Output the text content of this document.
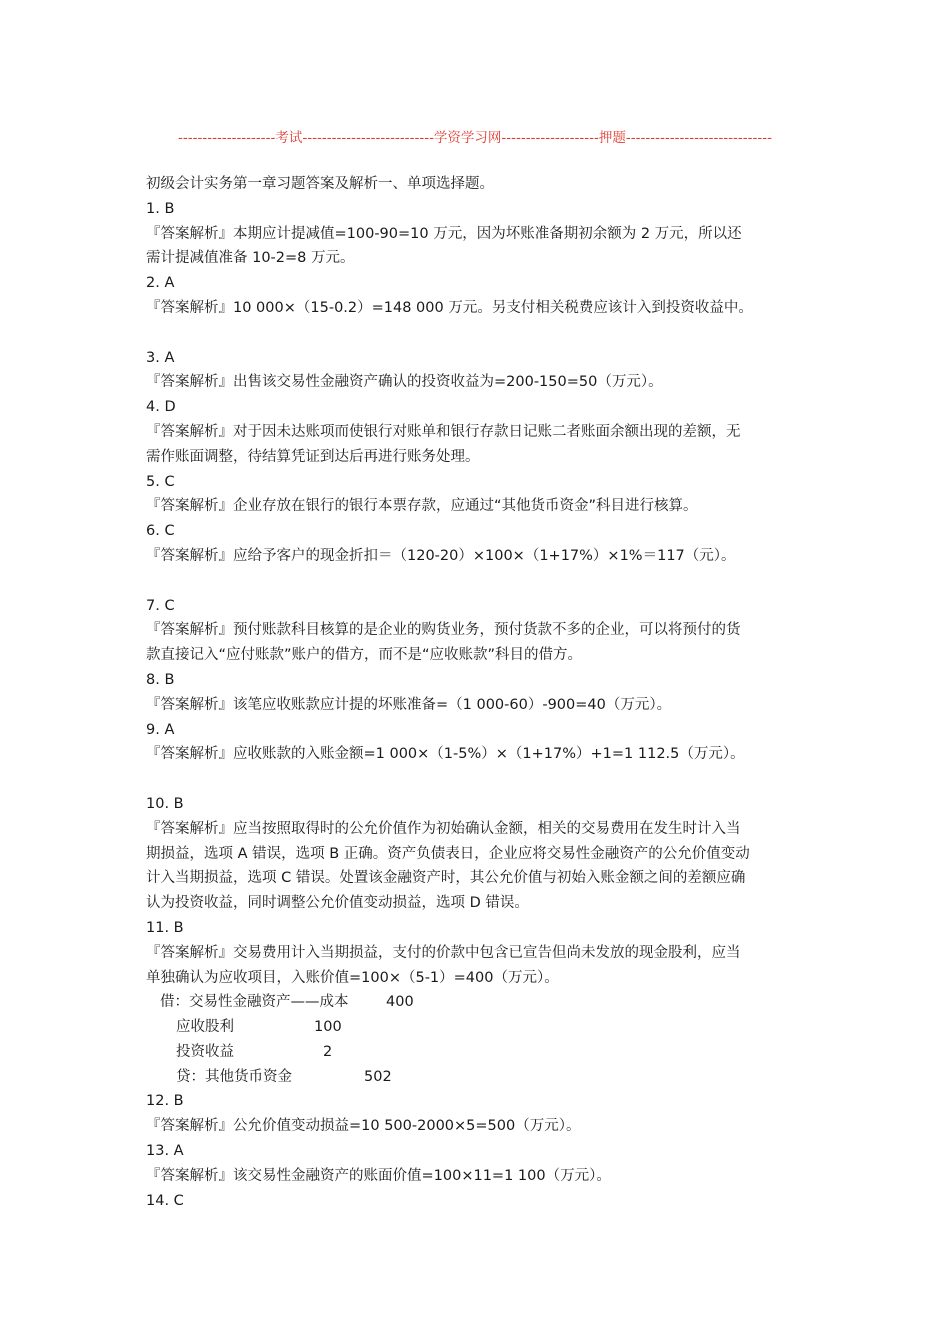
--------------------考试---------------------------学资学习网--------------------押题------------------------------
初级会计实务第一章习题答案及解析一、单项选择题。
1. B
『答案解析』本期应计提减值=100-90=10 万元，因为坏账准备期初余额为 2 万元，所以还
需计提减值准备 10-2=8 万元。
2. A
『答案解析』10 000×（15-0.2）=148 000 万元。另支付相关税费应该计入到投资收益中。
3. A
『答案解析』出售该交易性金融资产确认的投资收益为=200-150=50（万元）。
4. D
『答案解析』对于因未达账项而使银行对账单和银行存款日记账二者账面余额出现的差额，无
需作账面调整，待结算凭证到达后再进行账务处理。
5. C
『答案解析』企业存放在银行的银行本票存款，应通过“其他货币资金”科目进行核算。
6. C
『答案解析』应给予客户的现金折扣＝（120-20）×100×（1+17%）×1%＝117（元）。
7. C
『答案解析』预付账款科目核算的是企业的购货业务，预付货款不多的企业，可以将预付的货
款直接记入“应付账款”账户的借方，而不是“应收账款”科目的借方。
8. B
『答案解析』该笔应收账款应计提的坏账准备=（1 000-60）-900=40（万元）。
9. A
『答案解析』应收账款的入账金额=1 000×（1-5%）×（1+17%）+1=1 112.5（万元）。
10. B
『答案解析』应当按照取得时的公允价值作为初始确认金额，相关的交易费用在发生时计入当
期损益，选项 A 错误，选项 B 正确。资产负债表日，企业应将交易性金融资产的公允价值变动
计入当期损益，选项 C 错误。处置该金融资产时，其公允价值与初始入账金额之间的差额应确
认为投资收益，同时调整公允价值变动损益，选项 D 错误。
11. B
『答案解析』交易费用计入当期损益，支付的价款中包含已宣告但尚未发放的现金股利，应当
单独确认为应收项目，入账价值=100×（5-1）=400（万元）。
借：交易性金融资产——成本	400
应收股利	100
投资收益	2
贷：其他货币资金	502
12. B
『答案解析』公允价值变动损益=10 500-2000×5=500（万元）。
13. A
『答案解析』该交易性金融资产的账面价值=100×11=1 100（万元）。
14. C
